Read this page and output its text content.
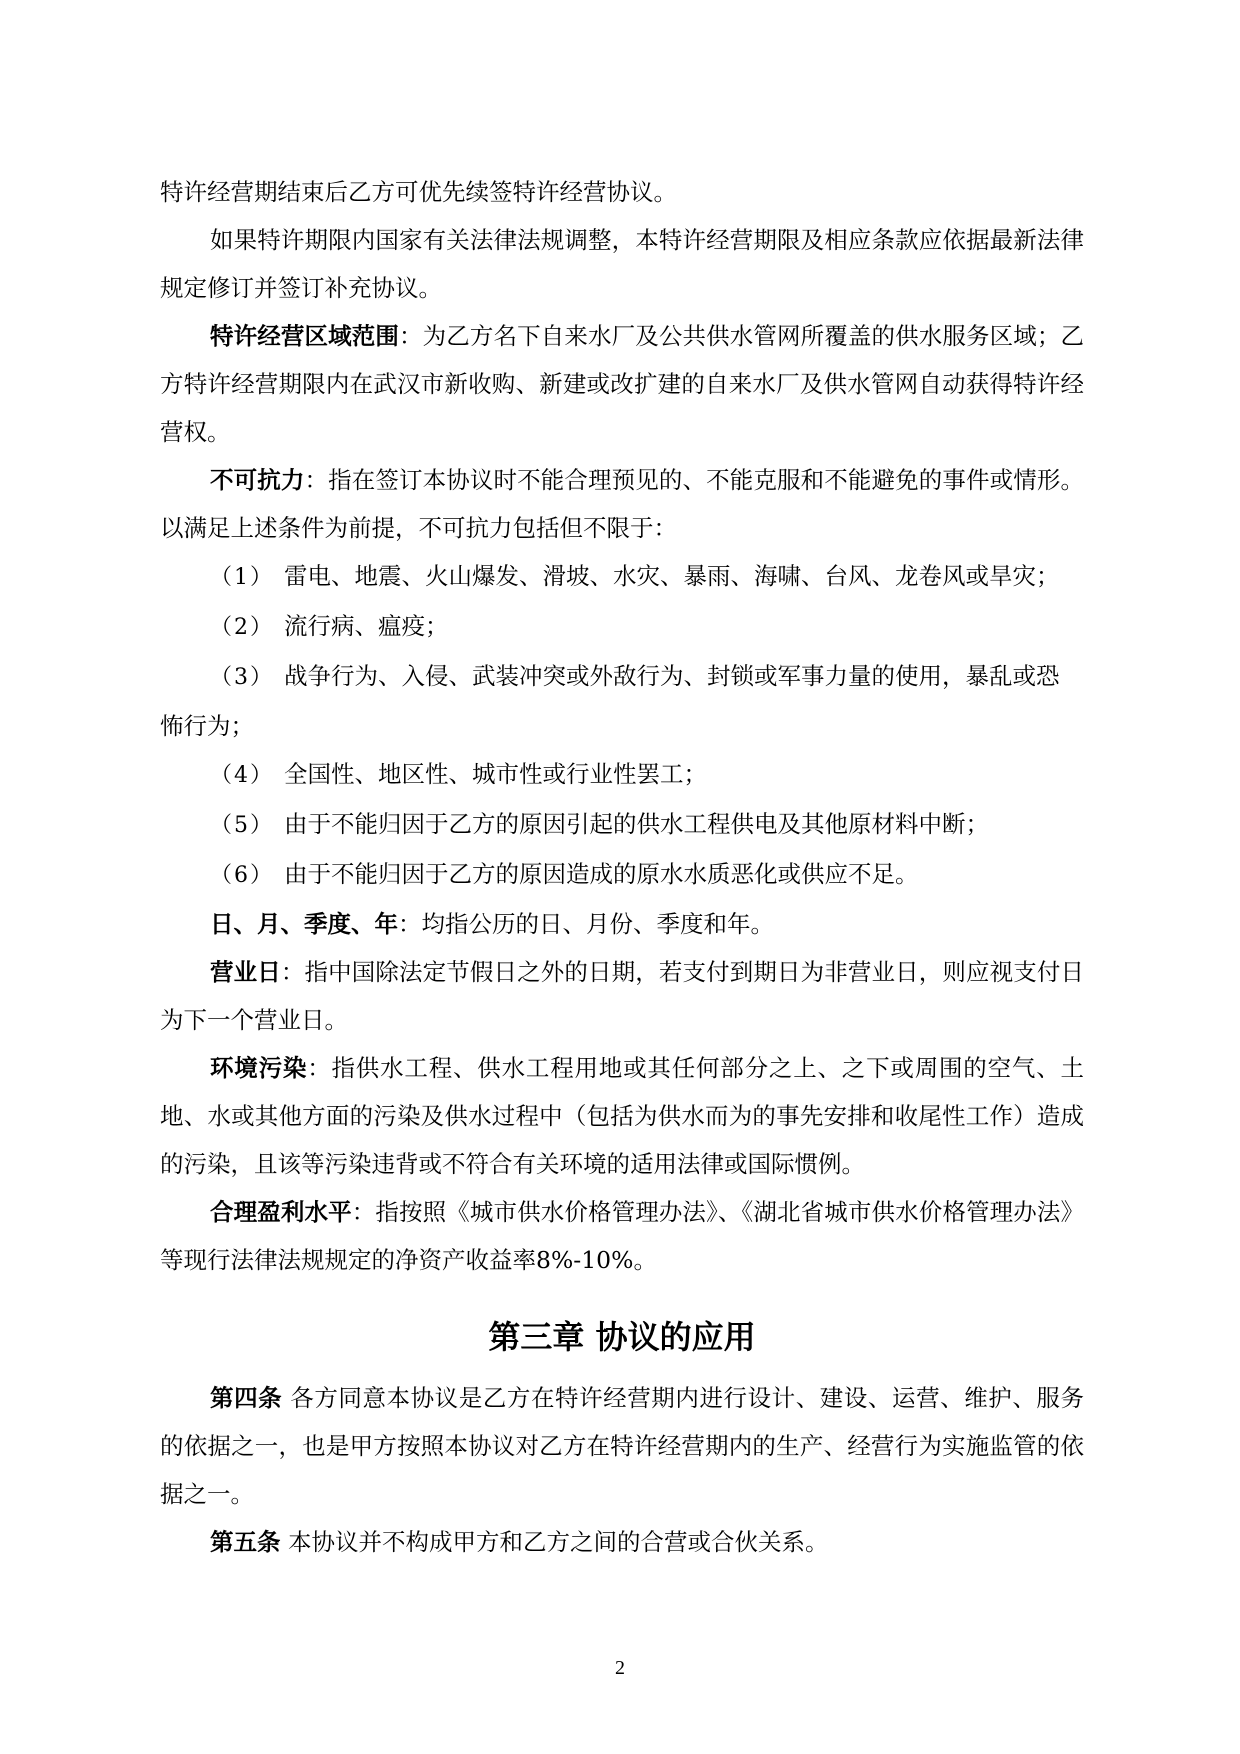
特许经营期结束后乙方可优先续签特许经营协议。

如果特许期限内国家有关法律法规调整，本特许经营期限及相应条款应依据最新法律规定修订并签订补充协议。

特许经营区域范围：为乙方名下自来水厂及公共供水管网所覆盖的供水服务区域；乙方特许经营期限内在武汉市新收购、新建或改扩建的自来水厂及供水管网自动获得特许经营权。

不可抗力：指在签订本协议时不能合理预见的、不能克服和不能避免的事件或情形。以满足上述条件为前提，不可抗力包括但不限于：

（1） 雷电、地震、火山爆发、滑坡、水灾、暴雨、海啸、台风、龙卷风或旱灾；

（2） 流行病、瘟疫；

（3） 战争行为、入侵、武装冲突或外敌行为、封锁或军事力量的使用，暴乱或恐

怖行为；

（4） 全国性、地区性、城市性或行业性罢工；

（5） 由于不能归因于乙方的原因引起的供水工程供电及其他原材料中断；

（6） 由于不能归因于乙方的原因造成的原水水质恶化或供应不足。

日、月、季度、年：均指公历的日、月份、季度和年。

营业日：指中国除法定节假日之外的日期，若支付到期日为非营业日，则应视支付日为下一个营业日。

环境污染：指供水工程、供水工程用地或其任何部分之上、之下或周围的空气、土地、水或其他方面的污染及供水过程中（包括为供水而为的事先安排和收尾性工作）造成的污染，且该等污染违背或不符合有关环境的适用法律或国际惯例。

合理盈利水平：指按照《城市供水价格管理办法》、《湖北省城市供水价格管理办法》等现行法律法规规定的净资产收益率8%-10%。

第三章 协议的应用

第四条 各方同意本协议是乙方在特许经营期内进行设计、建设、运营、维护、服务的依据之一，也是甲方按照本协议对乙方在特许经营期内的生产、经营行为实施监管的依据之一。

第五条 本协议并不构成甲方和乙方之间的合营或合伙关系。

2
